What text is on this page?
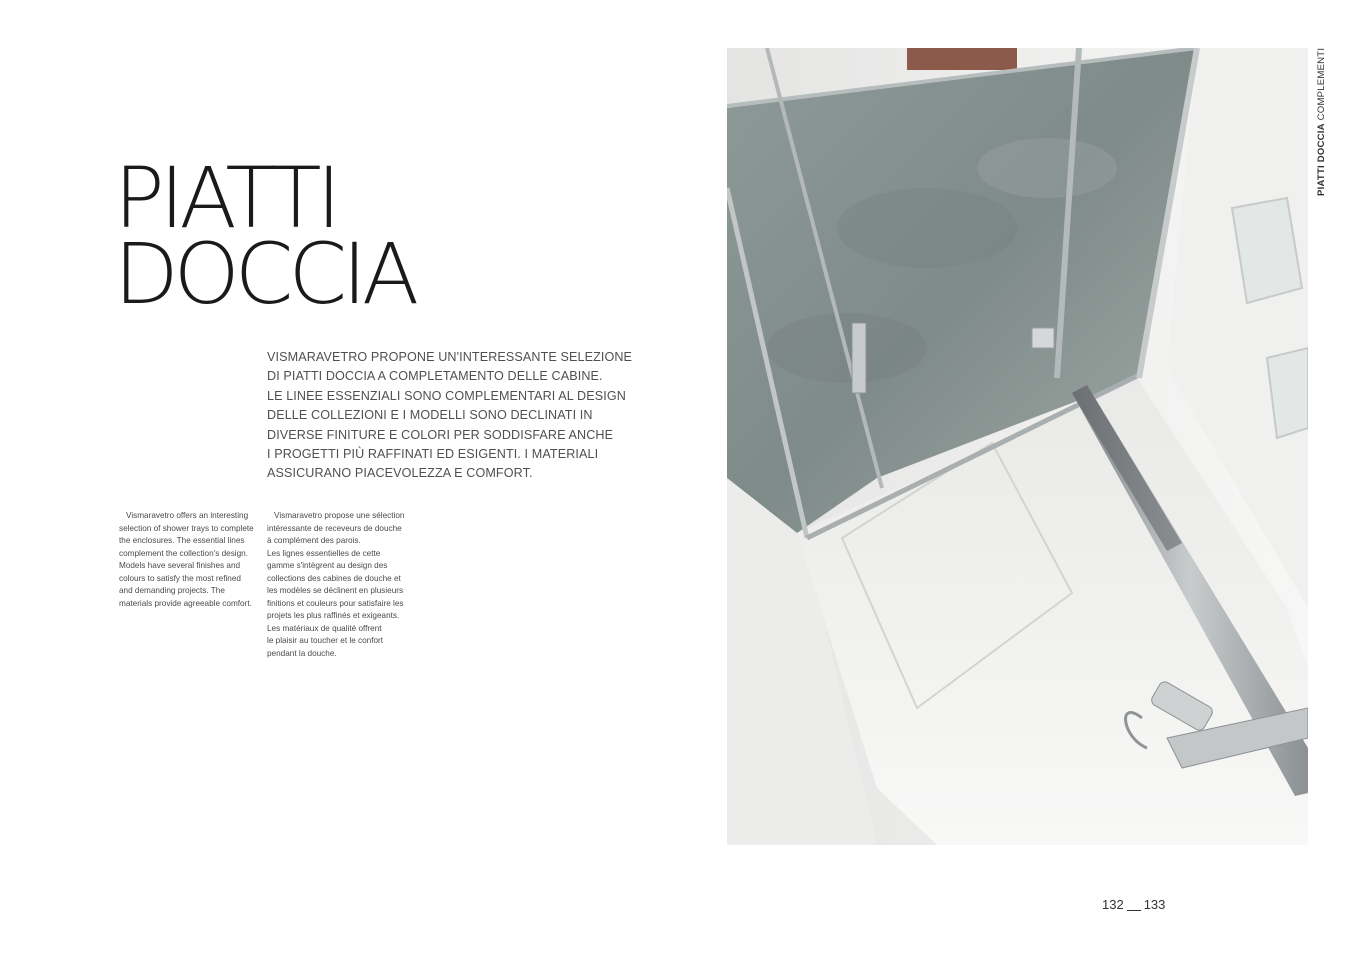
PIATTI
DOCCIA

VISMARAVETRO PROPONE UN'INTERESSANTE SELEZIONE
DI PIATTI DOCCIA A COMPLETAMENTO DELLE CABINE.
LE LINEE ESSENZIALI SONO COMPLEMENTARI AL DESIGN
DELLE COLLEZIONI E I MODELLI SONO DECLINATI IN
DIVERSE FINITURE E COLORI PER SODDISFARE ANCHE
I PROGETTI PIÙ RAFFINATI ED ESIGENTI. I MATERIALI
ASSICURANO PIACEVOLEZZA E COMFORT.

Vismaravetro offers an interesting
selection of shower trays to complete
the enclosures. The essential lines
complement the collection's design.
Models have several finishes and
colours to satisfy the most refined
and demanding projects. The
materials provide agreeable comfort.

Vismaravetro propose une sélection
intéressante de receveurs de douche
à complément des parois.
Les lignes essentielles de cette
gamme s'intègrent au design des
collections des cabines de douche et
les modèles se déclinent en plusieurs
finitions et couleurs pour satisfaire les
projets les plus raffinés et exigeants.
Les matériaux de qualité offrent
le plaisir au toucher et le confort
pendant la douche.

PIATTI DOCCIA COMPLEMENTI
132 133
